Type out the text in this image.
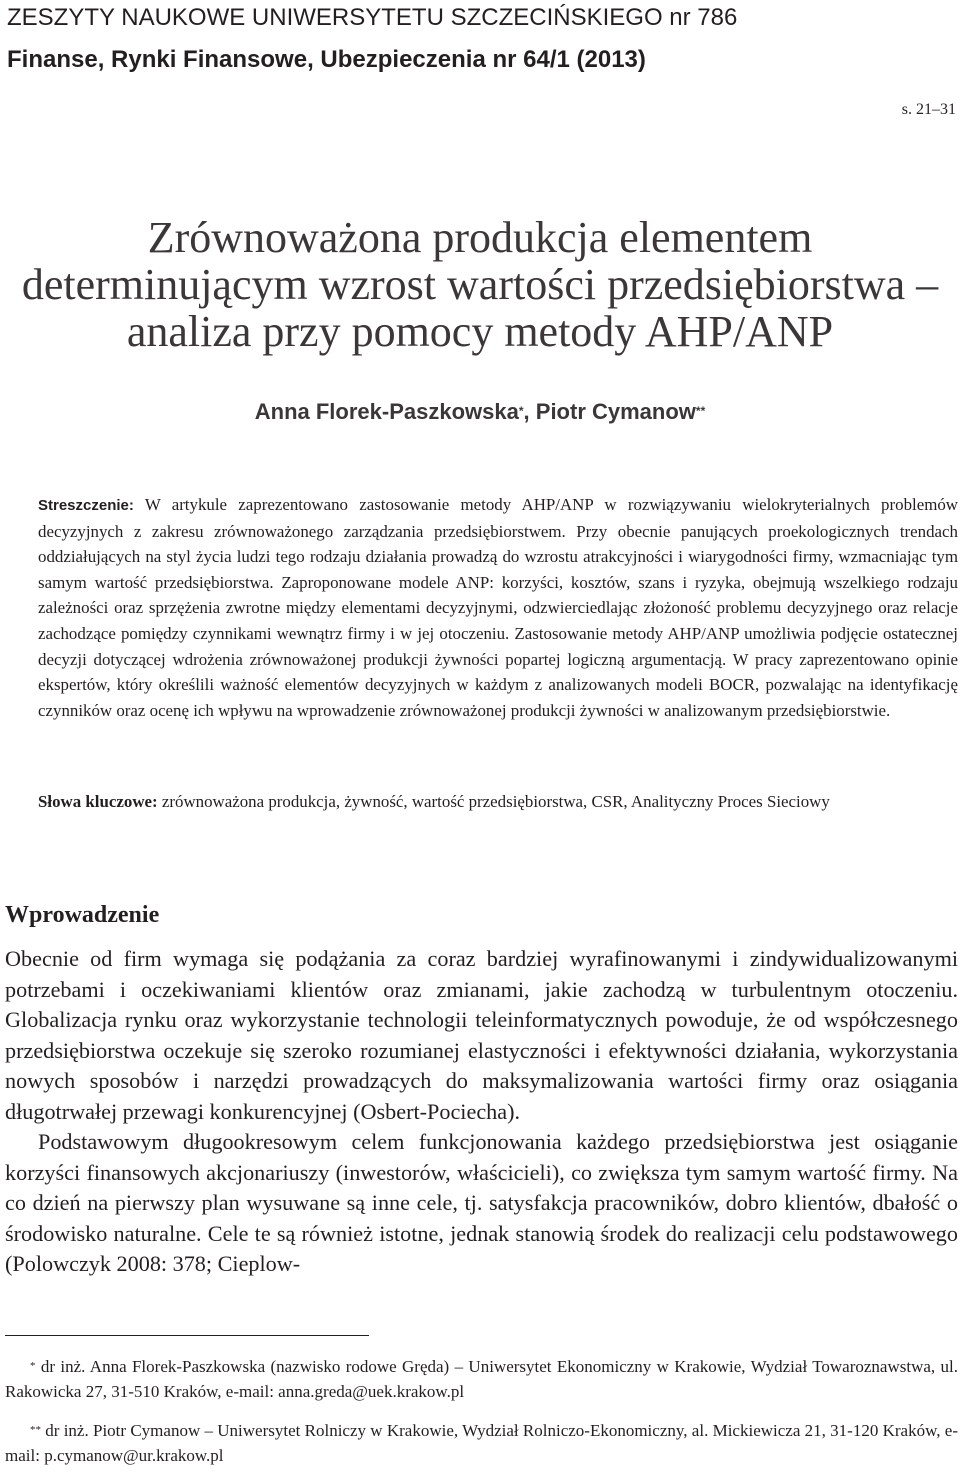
ZESZYTY NAUKOWE UNIWERSYTETU SZCZECIŃSKIEGO nr 786
Finanse, Rynki Finansowe, Ubezpieczenia nr 64/1 (2013)
s. 21–31
Zrównoważona produkcja elementem
determinującym wzrost wartości przedsiębiorstwa –
analiza przy pomocy metody AHP/ANP
Anna Florek-Paszkowska*, Piotr Cymanow**
Streszczenie: W artykule zaprezentowano zastosowanie metody AHP/ANP w rozwiązywaniu wielokryterialnych problemów decyzyjnych z zakresu zrównoważonego zarządzania przedsiębiorstwem. Przy obecnie panujących proekologicznych trendach oddziałujących na styl życia ludzi tego rodzaju działania prowadzą do wzrostu atrakcyjności i wiarygodności firmy, wzmacniając tym samym wartość przedsiębiorstwa. Zaproponowane modele ANP: korzyści, kosztów, szans i ryzyka, obejmują wszelkiego rodzaju zależności oraz sprzężenia zwrotne między elementami decyzyjnymi, odzwierciedlając złożoność problemu decyzyjnego oraz relacje zachodzące pomiędzy czynnikami wewnątrz firmy i w jej otoczeniu. Zastosowanie metody AHP/ANP umożliwia podjęcie ostatecznej decyzji dotyczącej wdrożenia zrównoważonej produkcji żywności popartej logiczną argumentacją. W pracy zaprezentowano opinie ekspertów, który określili ważność elementów decyzyjnych w każdym z analizowanych modeli BOCR, pozwalając na identyfikację czynników oraz ocenę ich wpływu na wprowadzenie zrównoważonej produkcji żywności w analizowanym przedsiębiorstwie.
Słowa kluczowe: zrównoważona produkcja, żywność, wartość przedsiębiorstwa, CSR, Analityczny Proces Sieciowy
Wprowadzenie

Obecnie od firm wymaga się podążania za coraz bardziej wyrafinowanymi i zindywidualizowanymi potrzebami i oczekiwaniami klientów oraz zmianami, jakie zachodzą w turbulentnym otoczeniu. Globalizacja rynku oraz wykorzystanie technologii teleinformatycznych powoduje, że od współczesnego przedsiębiorstwa oczekuje się szeroko rozumianej elastyczności i efektywności działania, wykorzystania nowych sposobów i narzędzi prowadzących do maksymalizowania wartości firmy oraz osiągania długotrwałej przewagi konkurencyjnej (Osbert-Pociecha).

Podstawowym długookresowym celem funkcjonowania każdego przedsiębiorstwa jest osiąganie korzyści finansowych akcjonariuszy (inwestorów, właścicieli), co zwiększa tym samym wartość firmy. Na co dzień na pierwszy plan wysuwane są inne cele, tj. satysfakcja pracowników, dobro klientów, dbałość o środowisko naturalne. Cele te są również istotne, jednak stanowią środek do realizacji celu podstawowego (Polowczyk 2008: 378; Cieplow-

* dr inż. Anna Florek-Paszkowska (nazwisko rodowe Gręda) – Uniwersytet Ekonomiczny w Krakowie, Wydział Towaroznawstwa, ul. Rakowicka 27, 31-510 Kraków, e-mail: anna.greda@uek.krakow.pl

** dr inż. Piotr Cymanow – Uniwersytet Rolniczy w Krakowie, Wydział Rolniczo-Ekonomiczny, al. Mickiewicza 21, 31-120 Kraków, e-mail: p.cymanow@ur.krakow.pl
